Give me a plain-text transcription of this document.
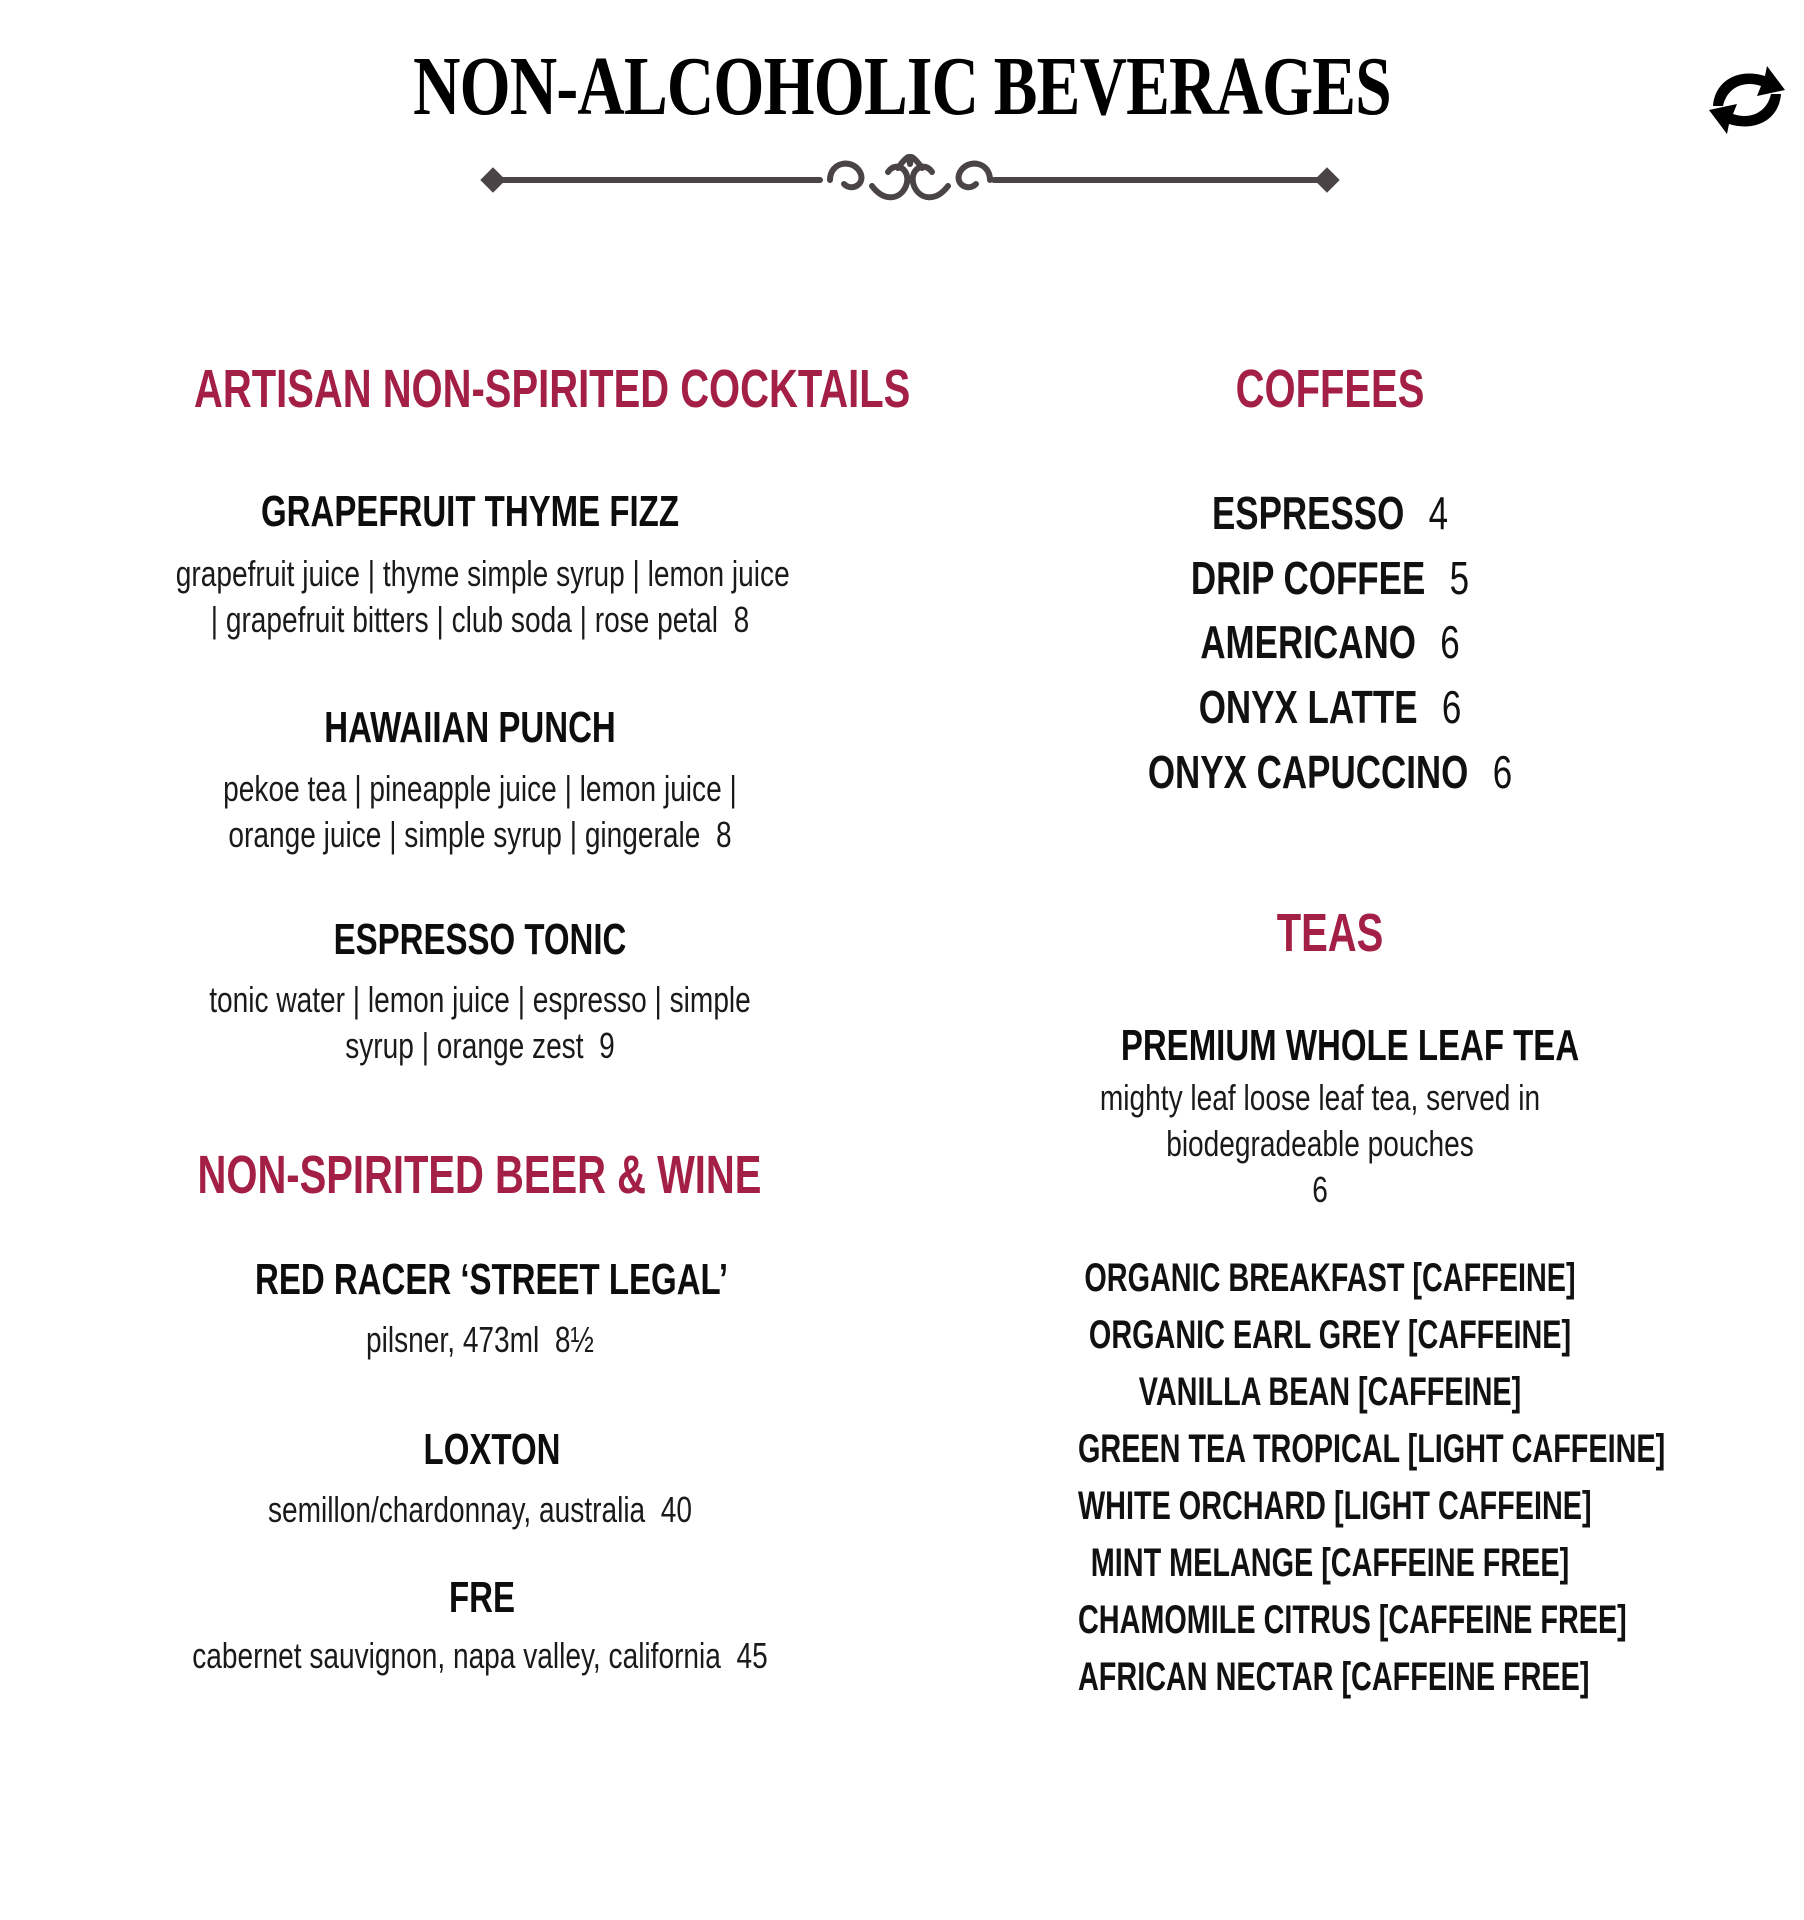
NON-ALCOHOLIC BEVERAGES
ARTISAN NON-SPIRITED COCKTAILS
GRAPEFRUIT THYME FIZZ
grapefruit juice | thyme simple syrup | lemon juice
| grapefruit bitters | club soda | rose petal 8
HAWAIIAN PUNCH
pekoe tea | pineapple juice | lemon juice |
orange juice | simple syrup | gingerale 8
ESPRESSO TONIC
tonic water | lemon juice | espresso | simple
syrup | orange zest 9
NON-SPIRITED BEER & WINE
RED RACER ‘STREET LEGAL’
pilsner, 473ml 8½
LOXTON
semillon/chardonnay, australia 40
FRE
cabernet sauvignon, napa valley, california 45
COFFEES
ESPRESSO 4
DRIP COFFEE 5
AMERICANO 6
ONYX LATTE 6
ONYX CAPUCCINO 6
TEAS
PREMIUM WHOLE LEAF TEA
mighty leaf loose leaf tea, served in
biodegradeable pouches
6
ORGANIC BREAKFAST [CAFFEINE]
ORGANIC EARL GREY [CAFFEINE]
VANILLA BEAN [CAFFEINE]
GREEN TEA TROPICAL [LIGHT CAFFEINE]
WHITE ORCHARD [LIGHT CAFFEINE]
MINT MELANGE [CAFFEINE FREE]
CHAMOMILE CITRUS [CAFFEINE FREE]
AFRICAN NECTAR [CAFFEINE FREE]
